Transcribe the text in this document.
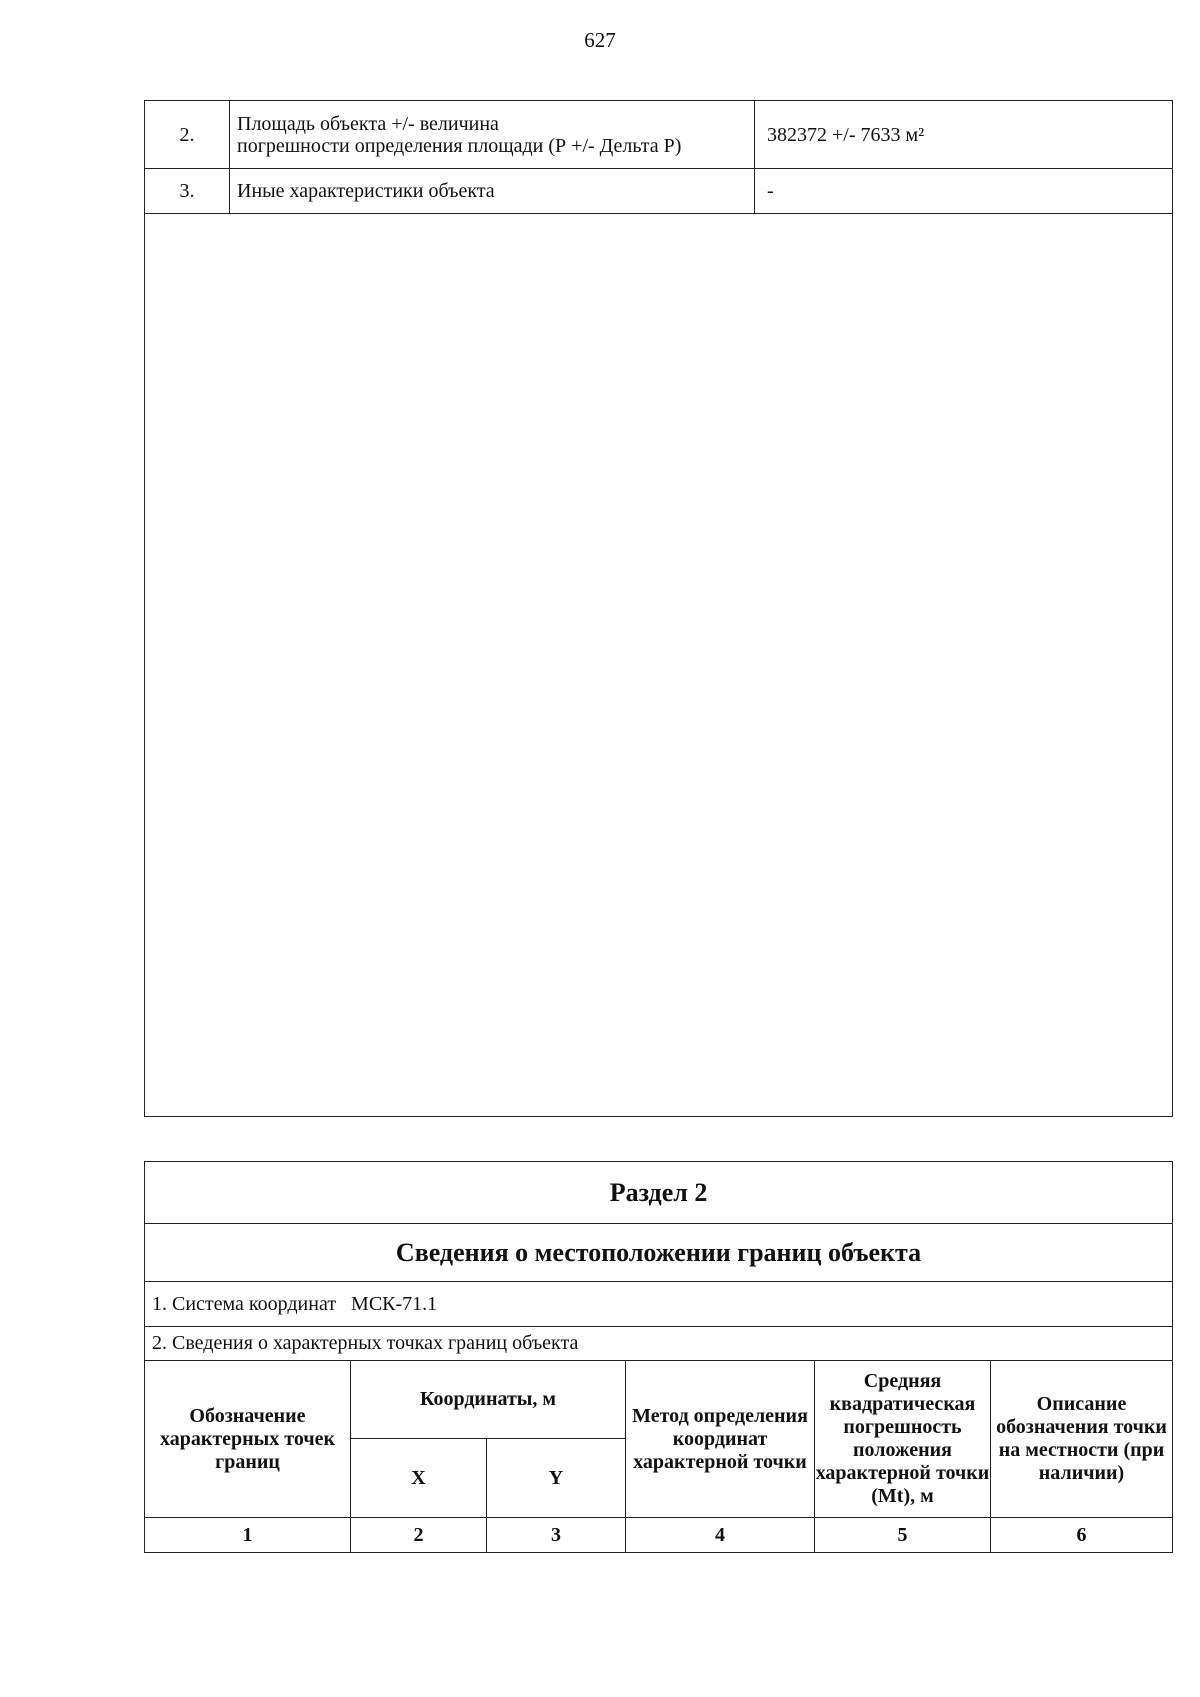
627
2.	Площадь объекта +/- величина
погрешности определения площади (Р +/- Дельта Р)	382372 +/- 7633 м²
3.	Иные характеристики объекта	-

Раздел 2					
Сведения о местоположении границ объекта					
1. Система координат   МСК-71.1					
2. Сведения о характерных точках границ объекта					
Обозначение характерных точек границ	Координаты, м		Метод определения координат характерной точки	Средняя квадратическая погрешность положения характерной точки (Mt), м	Описание обозначения точки на местности (при наличии)
	X	Y			
1	2	3	4	5	6
